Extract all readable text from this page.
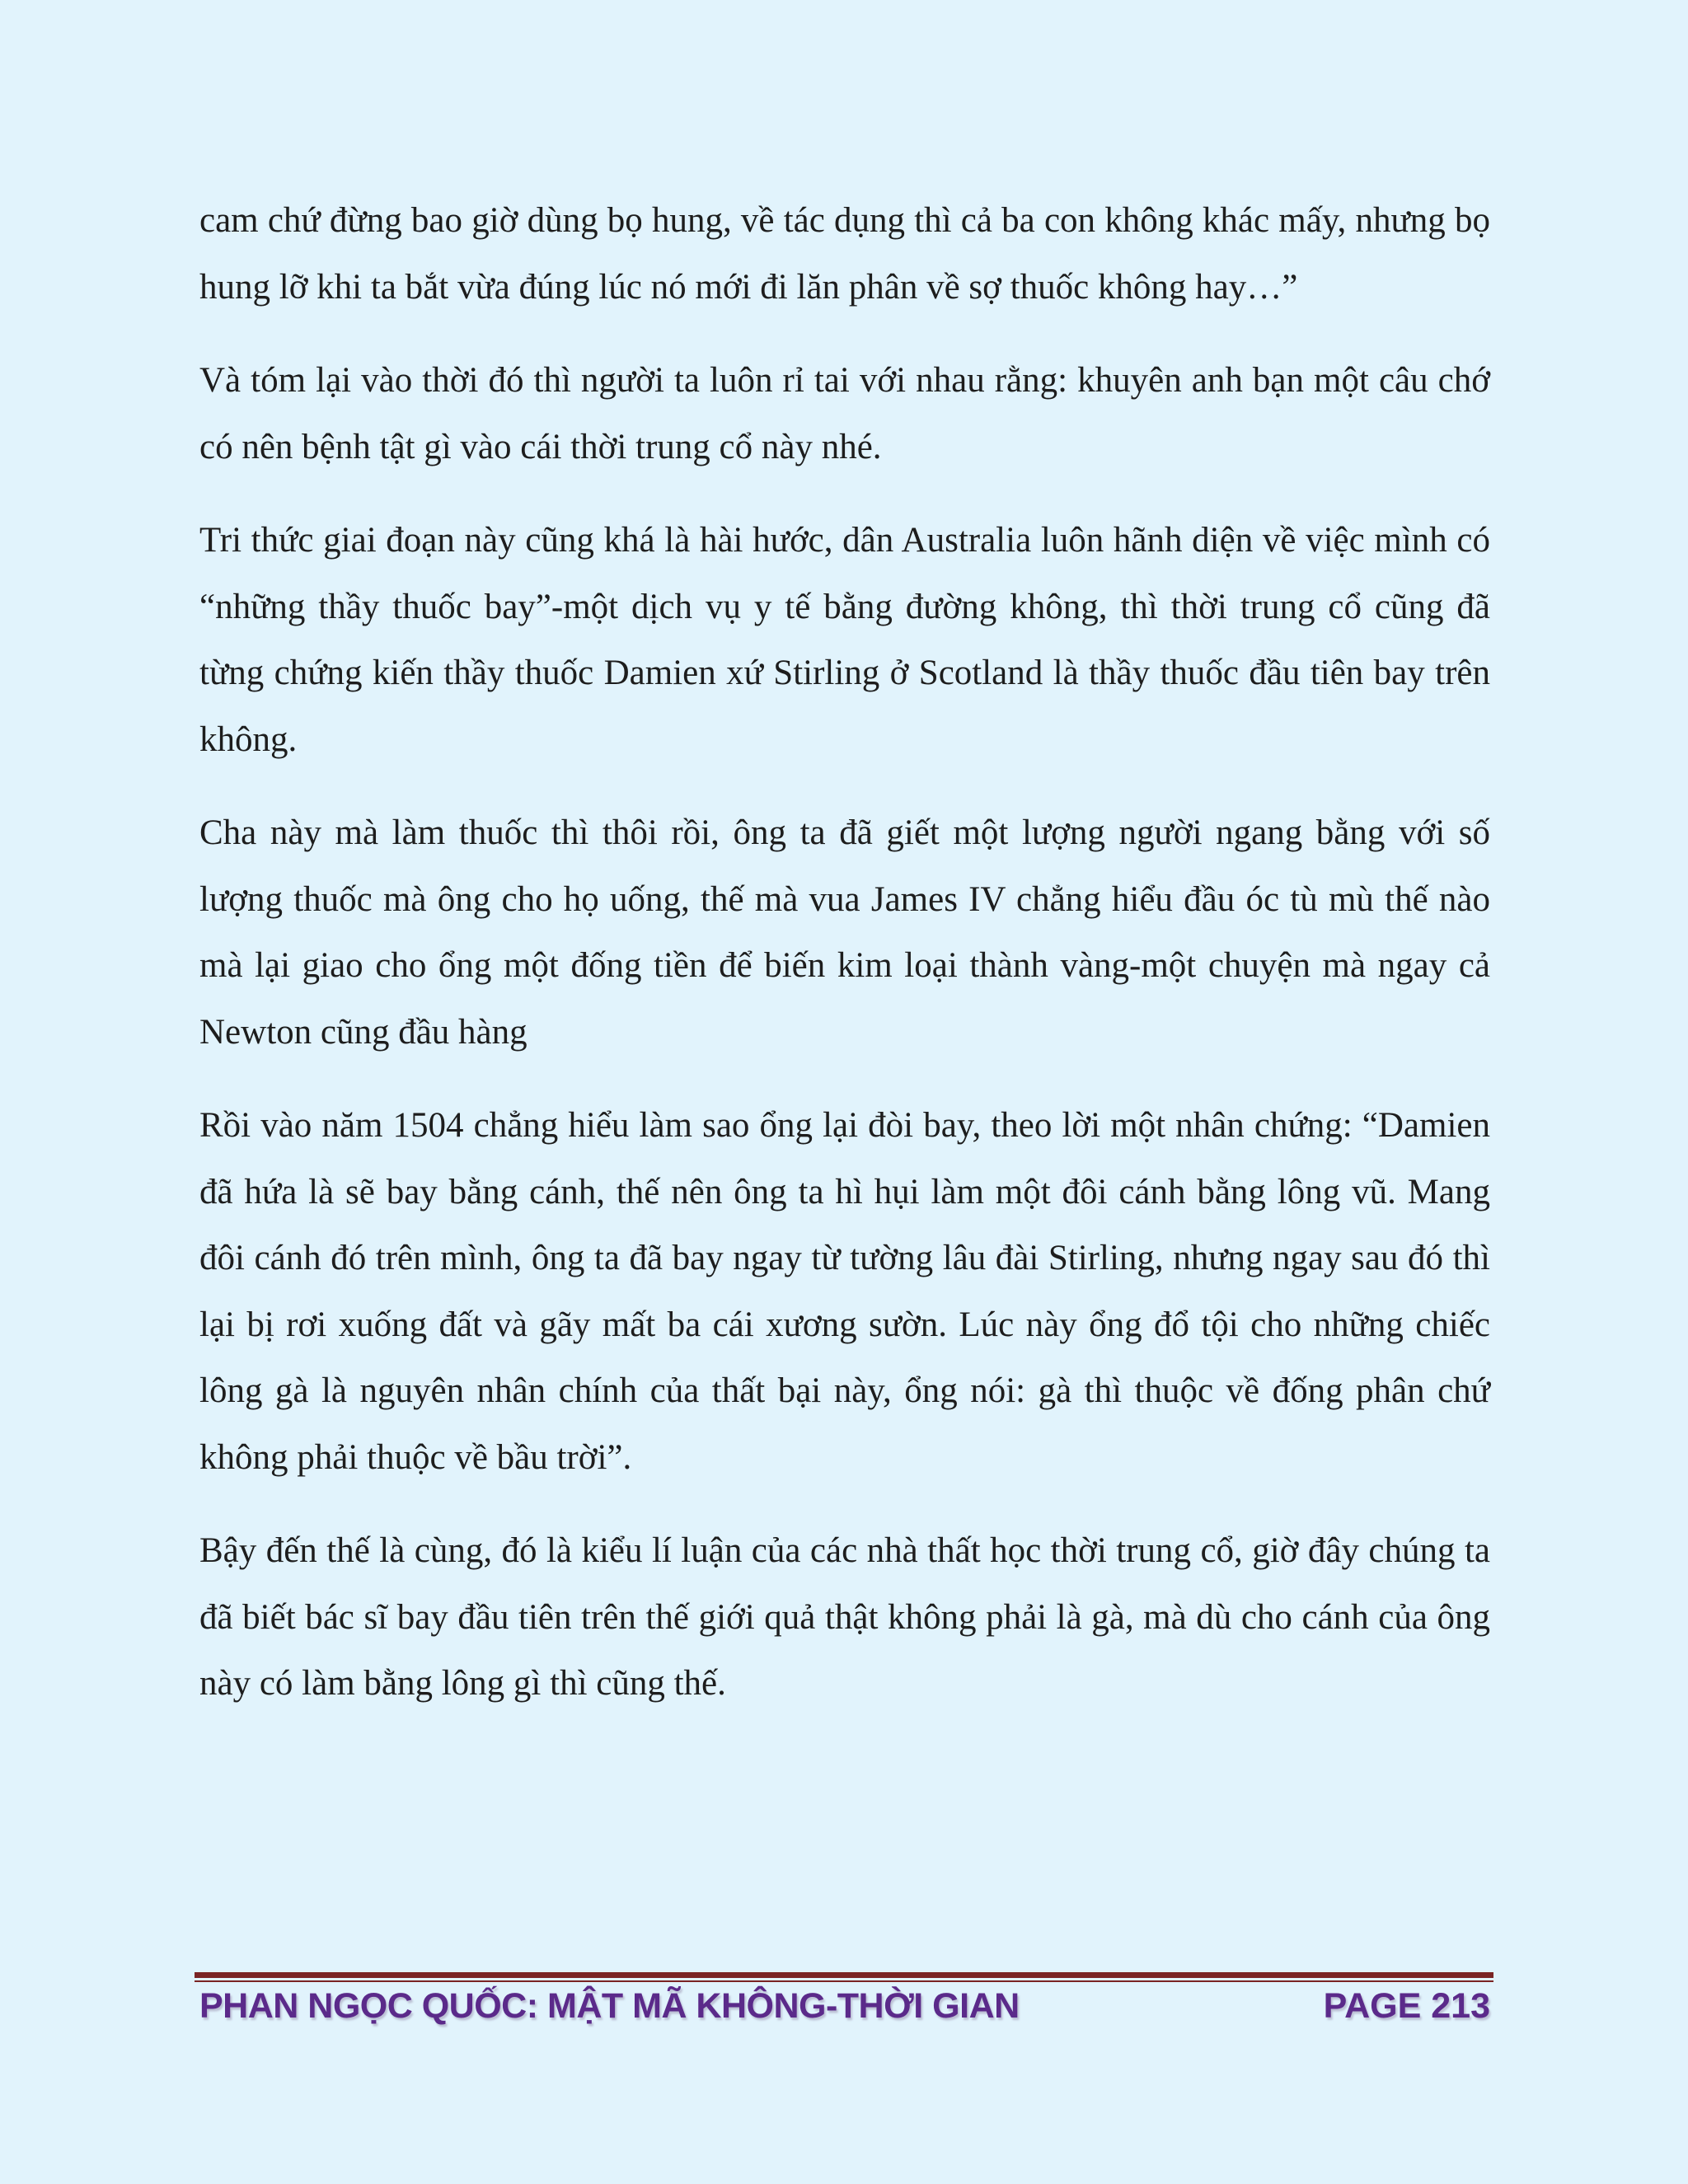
cam chứ đừng bao giờ dùng bọ hung, về tác dụng thì cả ba con không khác mấy, nhưng bọ hung lỡ khi ta bắt vừa đúng lúc nó mới đi lăn phân về sợ thuốc không hay…”

Và tóm lại vào thời đó thì người ta luôn rỉ tai với nhau rằng: khuyên anh bạn một câu chớ có nên bệnh tật gì vào cái thời trung cổ này nhé.

Tri thức giai đoạn này cũng khá là hài hước, dân Australia luôn hãnh diện về việc mình có “những thầy thuốc bay”-một dịch vụ y tế bằng đường không, thì thời trung cổ cũng đã từng chứng kiến thầy thuốc Damien xứ Stirling ở Scotland là thầy thuốc đầu tiên bay trên không.

Cha này mà làm thuốc thì thôi rồi, ông ta đã giết một lượng người ngang bằng với số lượng thuốc mà ông cho họ uống, thế mà vua James IV chẳng hiểu đầu óc tù mù thế nào mà lại giao cho ổng một đống tiền để biến kim loại thành vàng-một chuyện mà ngay cả Newton cũng đầu hàng

Rồi vào năm 1504 chẳng hiểu làm sao ổng lại đòi bay, theo lời một nhân chứng: “Damien đã hứa là sẽ bay bằng cánh, thế nên ông ta hì hụi làm một đôi cánh bằng lông vũ. Mang đôi cánh đó trên mình, ông ta đã bay ngay từ tường lâu đài Stirling, nhưng ngay sau đó thì lại bị rơi xuống đất và gãy mất ba cái xương sườn. Lúc này ổng đổ tội cho những chiếc lông gà là nguyên nhân chính của thất bại này, ổng nói: gà thì thuộc về đống phân chứ không phải thuộc về bầu trời”.

Bậy đến thế là cùng, đó là kiểu lí luận của các nhà thất học thời trung cổ, giờ đây chúng ta đã biết bác sĩ bay đầu tiên trên thế giới quả thật không phải là gà, mà dù cho cánh của ông này có làm bằng lông gì thì cũng thế.

PHAN NGỌC QUỐC: MẬT MÃ KHÔNG-THỜI GIAN	PAGE 213
